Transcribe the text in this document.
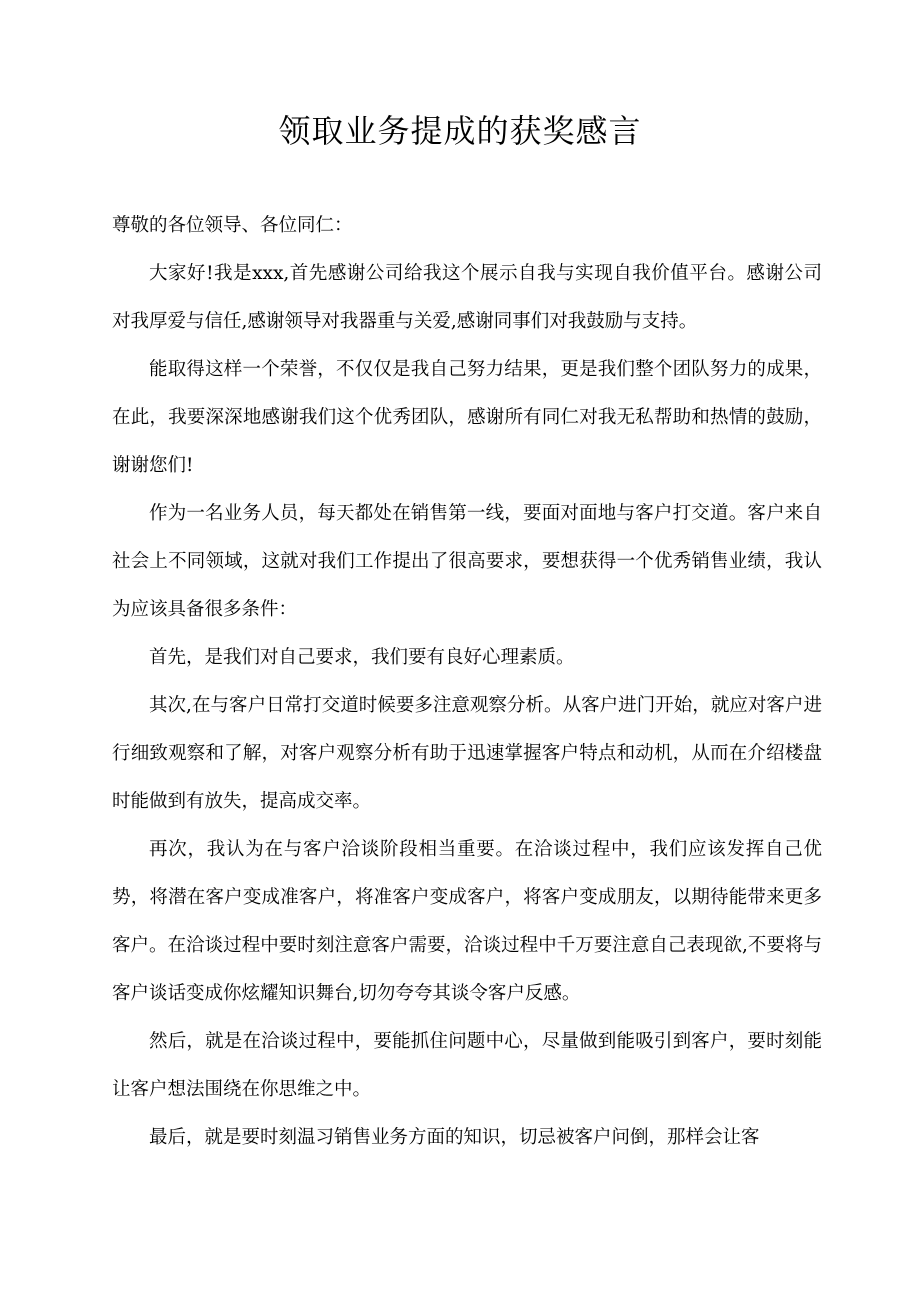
领取业务提成的获奖感言

尊敬的各位领导、各位同仁：

大家好!我是xxx,首先感谢公司给我这个展示自我与实现自我价值平台。感谢公司对我厚爱与信任,感谢领导对我器重与关爱,感谢同事们对我鼓励与支持。

能取得这样一个荣誉，不仅仅是我自己努力结果，更是我们整个团队努力的成果，在此，我要深深地感谢我们这个优秀团队，感谢所有同仁对我无私帮助和热情的鼓励，谢谢您们!

作为一名业务人员，每天都处在销售第一线，要面对面地与客户打交道。客户来自社会上不同领域，这就对我们工作提出了很高要求，要想获得一个优秀销售业绩，我认为应该具备很多条件：

首先，是我们对自己要求，我们要有良好心理素质。

其次,在与客户日常打交道时候要多注意观察分析。从客户进门开始，就应对客户进行细致观察和了解，对客户观察分析有助于迅速掌握客户特点和动机，从而在介绍楼盘时能做到有放失，提高成交率。

再次，我认为在与客户洽谈阶段相当重要。在洽谈过程中，我们应该发挥自己优势，将潜在客户变成准客户，将准客户变成客户，将客户变成朋友，以期待能带来更多客户。在洽谈过程中要时刻注意客户需要，洽谈过程中千万要注意自己表现欲,不要将与客户谈话变成你炫耀知识舞台,切勿夸夸其谈令客户反感。

然后，就是在洽谈过程中，要能抓住问题中心，尽量做到能吸引到客户，要时刻能让客户想法围绕在你思维之中。

最后，就是要时刻温习销售业务方面的知识，切忌被客户问倒，那样会让客
